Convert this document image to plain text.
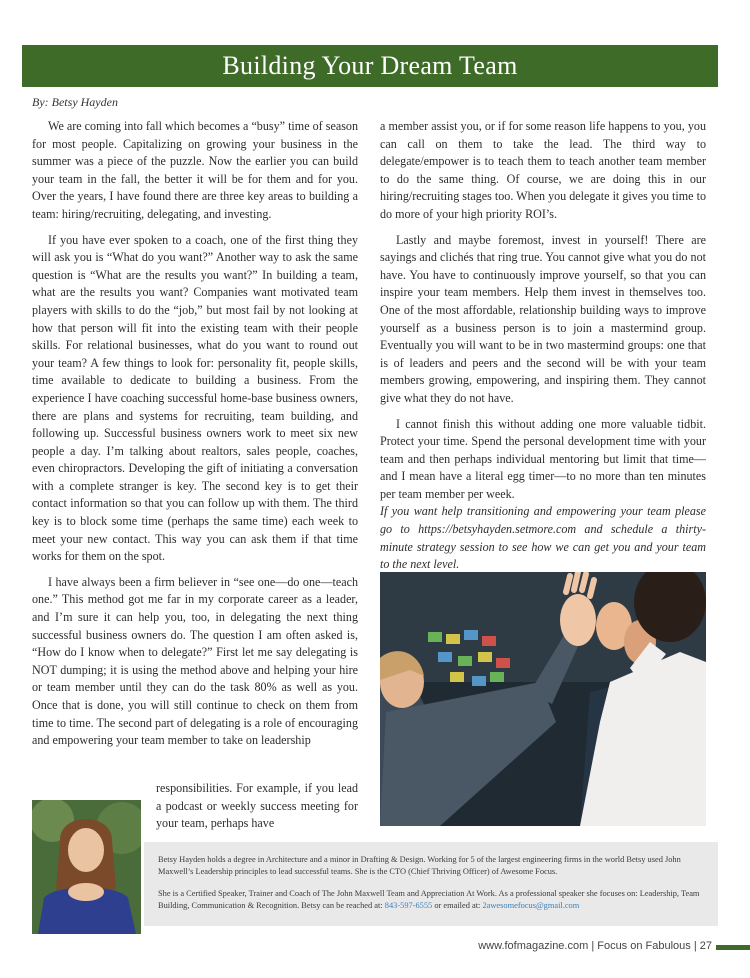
Building Your Dream Team
By: Betsy Hayden

We are coming into fall which becomes a “busy” time of season for most people. Capitalizing on growing your business in the summer was a piece of the puzzle. Now the earlier you can build your team in the fall, the better it will be for them and for you. Over the years, I have found there are three key areas to building a team: hiring/recruiting, delegating, and investing.

If you have ever spoken to a coach, one of the first thing they will ask you is “What do you want?” Another way to ask the same question is “What are the results you want?” In building a team, what are the results you want? Companies want motivated team players with skills to do the “job,” but most fail by not looking at how that person will fit into the existing team with their people skills. For relational businesses, what do you want to round out your team? A few things to look for: personality fit, people skills, time available to dedicate to building a business. From the experience I have coaching successful home-base business owners, there are plans and systems for recruiting, team building, and following up. Successful business owners work to meet six new people a day. I’m talking about realtors, sales people, coaches, even chiropractors. Developing the gift of initiating a conversation with a complete stranger is key. The second key is to get their contact information so that you can follow up with them. The third key is to block some time (perhaps the same time) each week to meet your new contact. This way you can ask them if that time works for them on the spot.

I have always been a firm believer in “see one—do one—teach one.” This method got me far in my corporate career as a leader, and I’m sure it can help you, too, in delegating the next thing successful business owners do. The question I am often asked is, “How do I know when to delegate?” First let me say delegating is NOT dumping; it is using the method above and helping your hire or team member until they can do the task 80% as well as you. Once that is done, you will still continue to check on them from time to time. The second part of delegating is a role of encouraging and empowering your team member to take on leadership

responsibilities. For example, if you lead a podcast or weekly success meeting for your team, perhaps have

a member assist you, or if for some reason life happens to you, you can call on them to take the lead. The third way to delegate/empower is to teach them to teach another team member to do the same thing. Of course, we are doing this in our hiring/recruiting stages too. When you delegate it gives you time to do more of your high priority ROI’s.

Lastly and maybe foremost, invest in yourself! There are sayings and clichés that ring true. You cannot give what you do not have. You have to continuously improve yourself, so that you can inspire your team members. Help them invest in themselves too. One of the most affordable, relationship building ways to improve yourself as a business person is to join a mastermind group. Eventually you will want to be in two mastermind groups: one that is of leaders and peers and the second will be with your team members growing, empowering, and inspiring them. They cannot give what they do not have.

I cannot finish this without adding one more valuable tidbit. Protect your time. Spend the personal development time with your team and then perhaps individual mentoring but limit that time—and I mean have a literal egg timer—to no more than ten minutes per team member per week.

If you want help transitioning and empowering your team please go to https://betsyhayden.setmore.com and schedule a thirty-minute strategy session to see how we can get you and your team to the next level.

Betsy Hayden holds a degree in Architecture and a minor in Drafting & Design. Working for 5 of the largest engineering firms in the world Betsy used John Maxwell’s Leadership principles to lead successful teams. She is the CTO (Chief Thriving Officer) of Awesome Focus.
She is a Certified Speaker, Trainer and Coach of The John Maxwell Team and Appreciation At Work. As a professional speaker she focuses on: Leadership, Team Building, Communication & Recognition. Betsy can be reached at: 843-597-6555 or emailed at: 2awesomefocus@gmail.com
www.fofmagazine.com | Focus on Fabulous | 27
